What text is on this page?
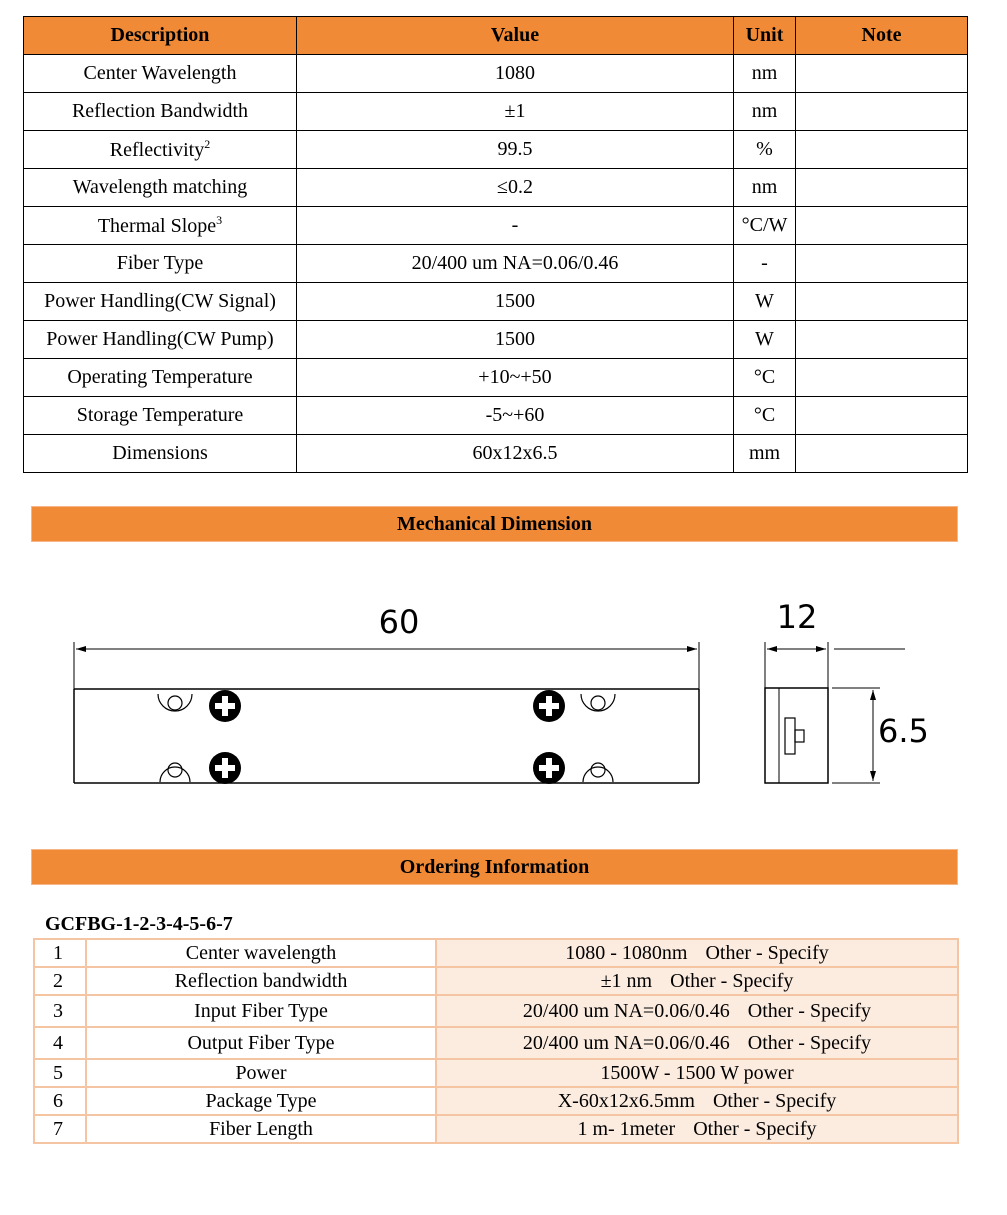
Description	Value	Unit	Note
Center Wavelength	1080	nm	
Reflection Bandwidth	±1	nm	
Reflectivity$^2$	99.5	%	
Wavelength matching	≤0.2	nm	
Thermal Slope$^3$	-	°C/W	
Fiber Type	20/400 um NA=0.06/0.46	-	
Power Handling(CW Signal)	1500	W	
Power Handling(CW Pump)	1500	W	
Operating Temperature	+10~+50	°C	
Storage Temperature	-5~+60	°C	
Dimensions	60x12x6.5	mm	
Mechanical Dimension
60	12
6.5
Ordering Information
GCFBG-1-2-3-4-5-6-7
1	Center wavelength	1080 - 1080nm Other - Specify
2	Reflection bandwidth	±1 nm Other - Specify
3	Input Fiber Type	20/400 um NA=0.06/0.46 Other - Specify
4	Output Fiber Type	20/400 um NA=0.06/0.46 Other - Specify
5	Power	1500W - 1500 W power
6	Package Type	X-60x12x6.5mm Other - Specify
7	Fiber Length	1 m- 1meter Other - Specify
